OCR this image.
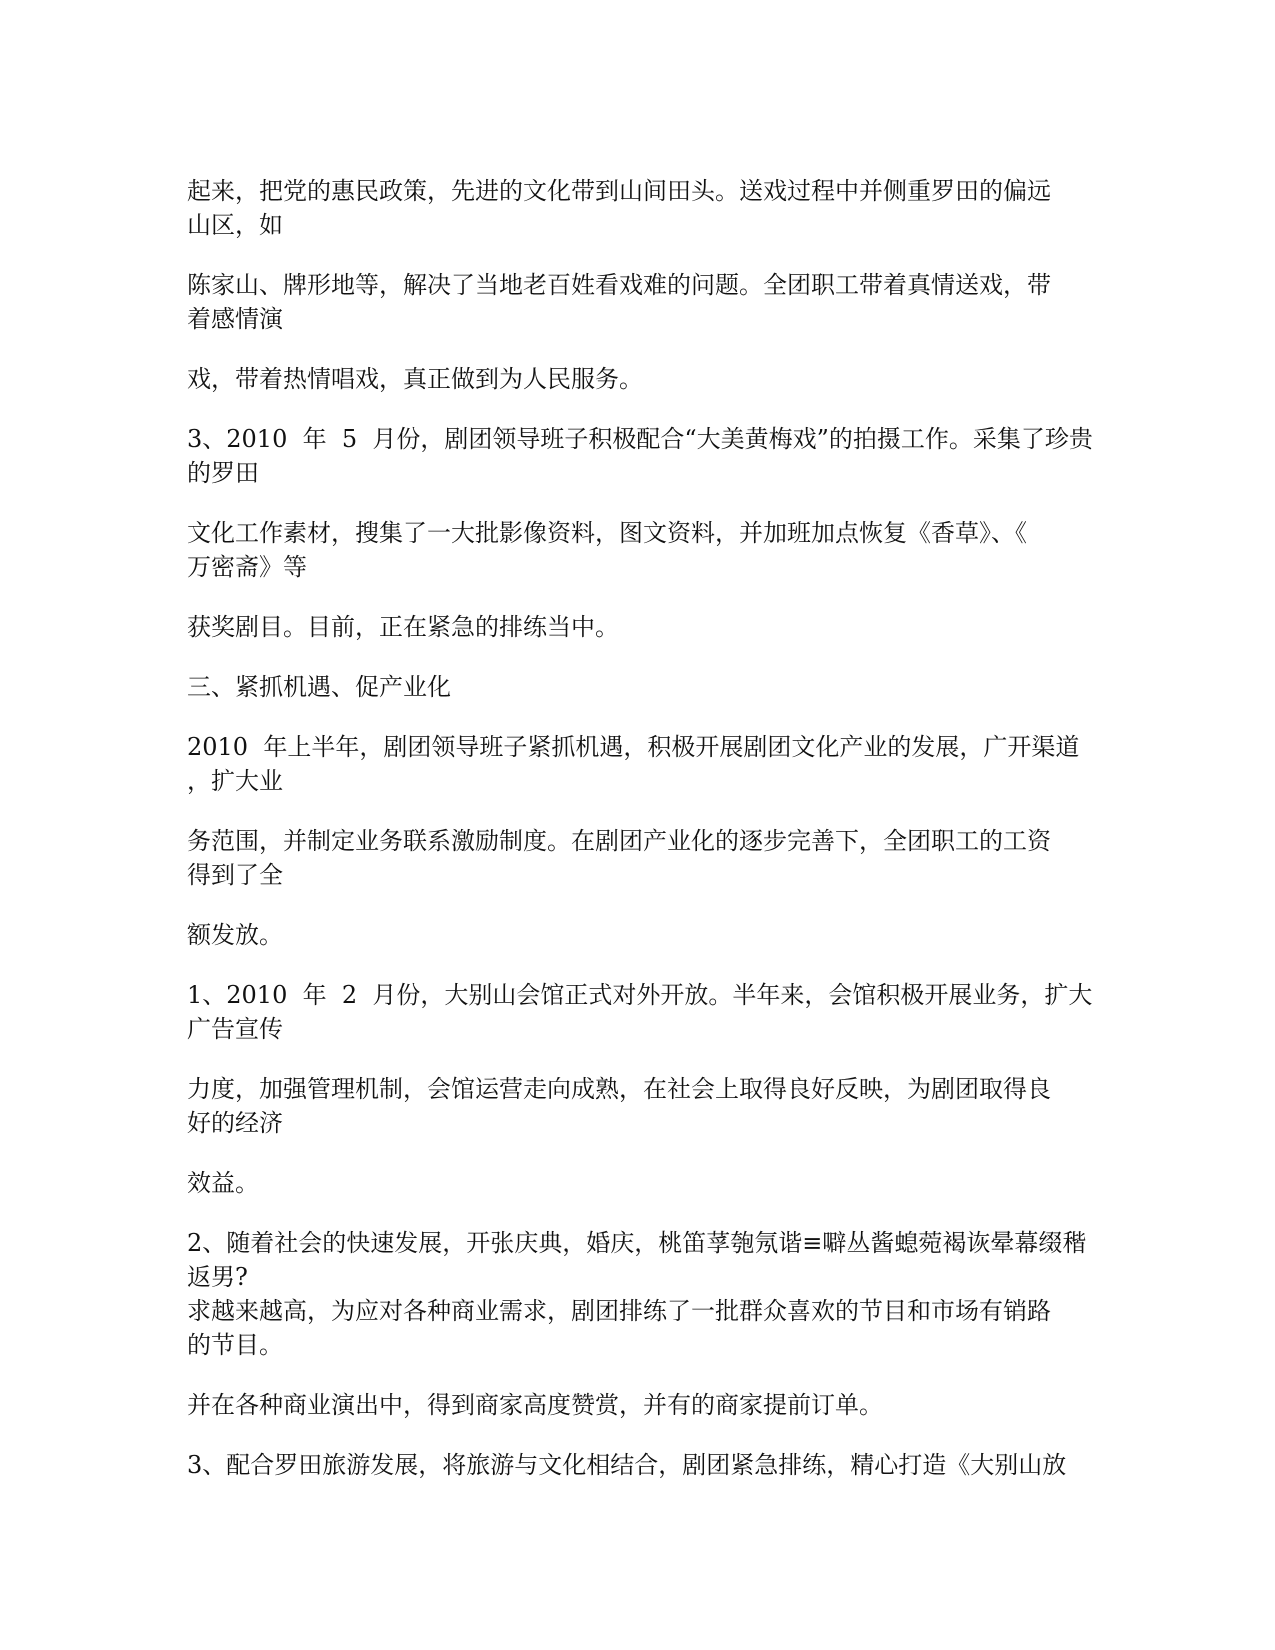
起来，把党的惠民政策，先进的文化带到山间田头。送戏过程中并侧重罗田的偏远
山区，如

陈家山、牌形地等，解决了当地老百姓看戏难的问题。全团职工带着真情送戏，带
着感情演

戏，带着热情唱戏，真正做到为人民服务。

3、2010  年  5  月份，剧团领导班子积极配合“大美黄梅戏”的拍摄工作。采集了珍贵
的罗田

文化工作素材，搜集了一大批影像资料，图文资料，并加班加点恢复《香草》、《
万密斋》等

获奖剧目。目前，正在紧急的排练当中。

三、紧抓机遇、促产业化

2010  年上半年，剧团领导班子紧抓机遇，积极开展剧团文化产业的发展，广开渠道
，扩大业

务范围，并制定业务联系激励制度。在剧团产业化的逐步完善下，全团职工的工资
得到了全

额发放。

1、2010  年  2  月份，大别山会馆正式对外开放。半年来，会馆积极开展业务，扩大
广告宣传

力度，加强管理机制，会馆运营走向成熟，在社会上取得良好反映，为剧团取得良
好的经济

效益。

2、随着社会的快速发展，开张庆典，婚庆，桃笛莩匏氖谐≡噼丛酱螅菀褐诙晕幕缀稭
返男?

求越来越高，为应对各种商业需求，剧团排练了一批群众喜欢的节目和市场有销路
的节目。

并在各种商业演出中，得到商家高度赞赏，并有的商家提前订单。

3、配合罗田旅游发展，将旅游与文化相结合，剧团紧急排练，精心打造《大别山放
